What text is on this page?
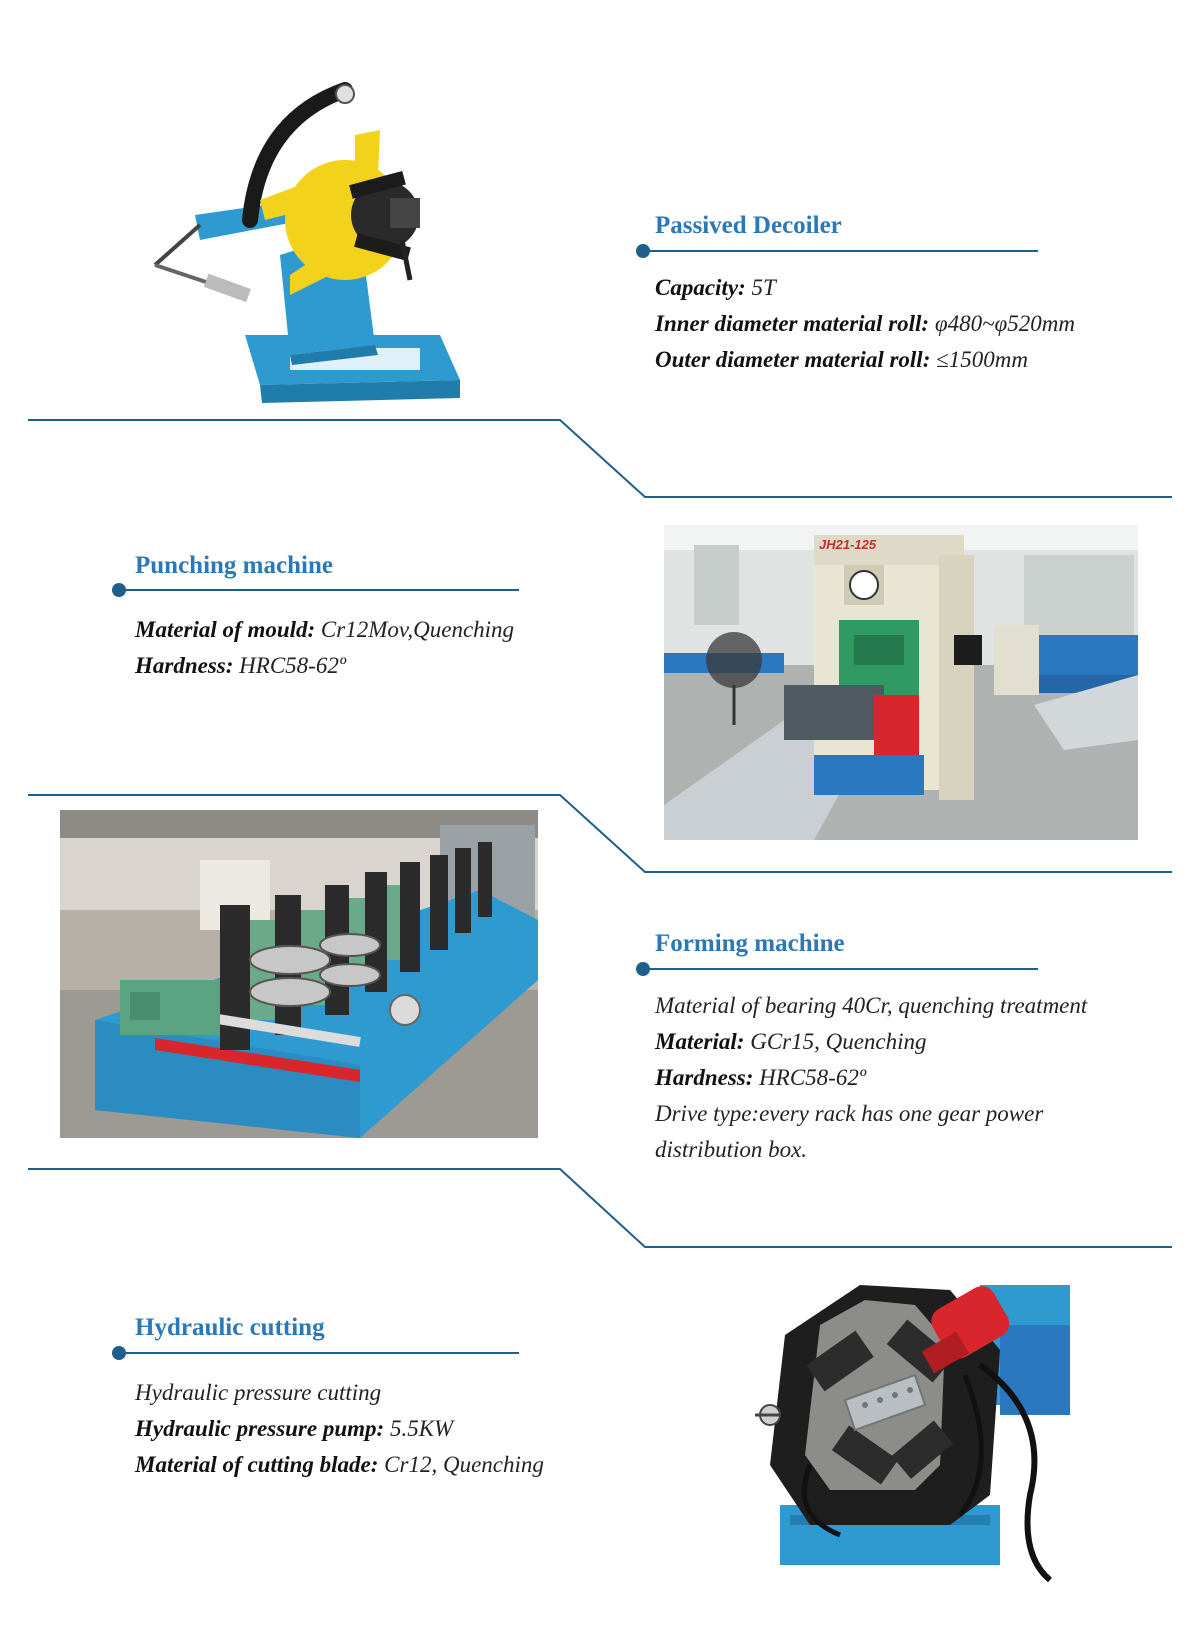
Passived Decoiler
Capacity: 5T
Inner diameter material roll: φ480~φ520mm
Outer diameter material roll: ≤1500mm
Punching machine
Material of mould: Cr12Mov,Quenching
Hardness: HRC58-62º
JH21-125
Forming machine
Material of bearing 40Cr, quenching treatment
Material: GCr15, Quenching
Hardness: HRC58-62º
Drive type:every rack has one gear power
distribution box.
Hydraulic cutting
Hydraulic pressure cutting
Hydraulic pressure pump: 5.5KW
Material of cutting blade: Cr12, Quenching
